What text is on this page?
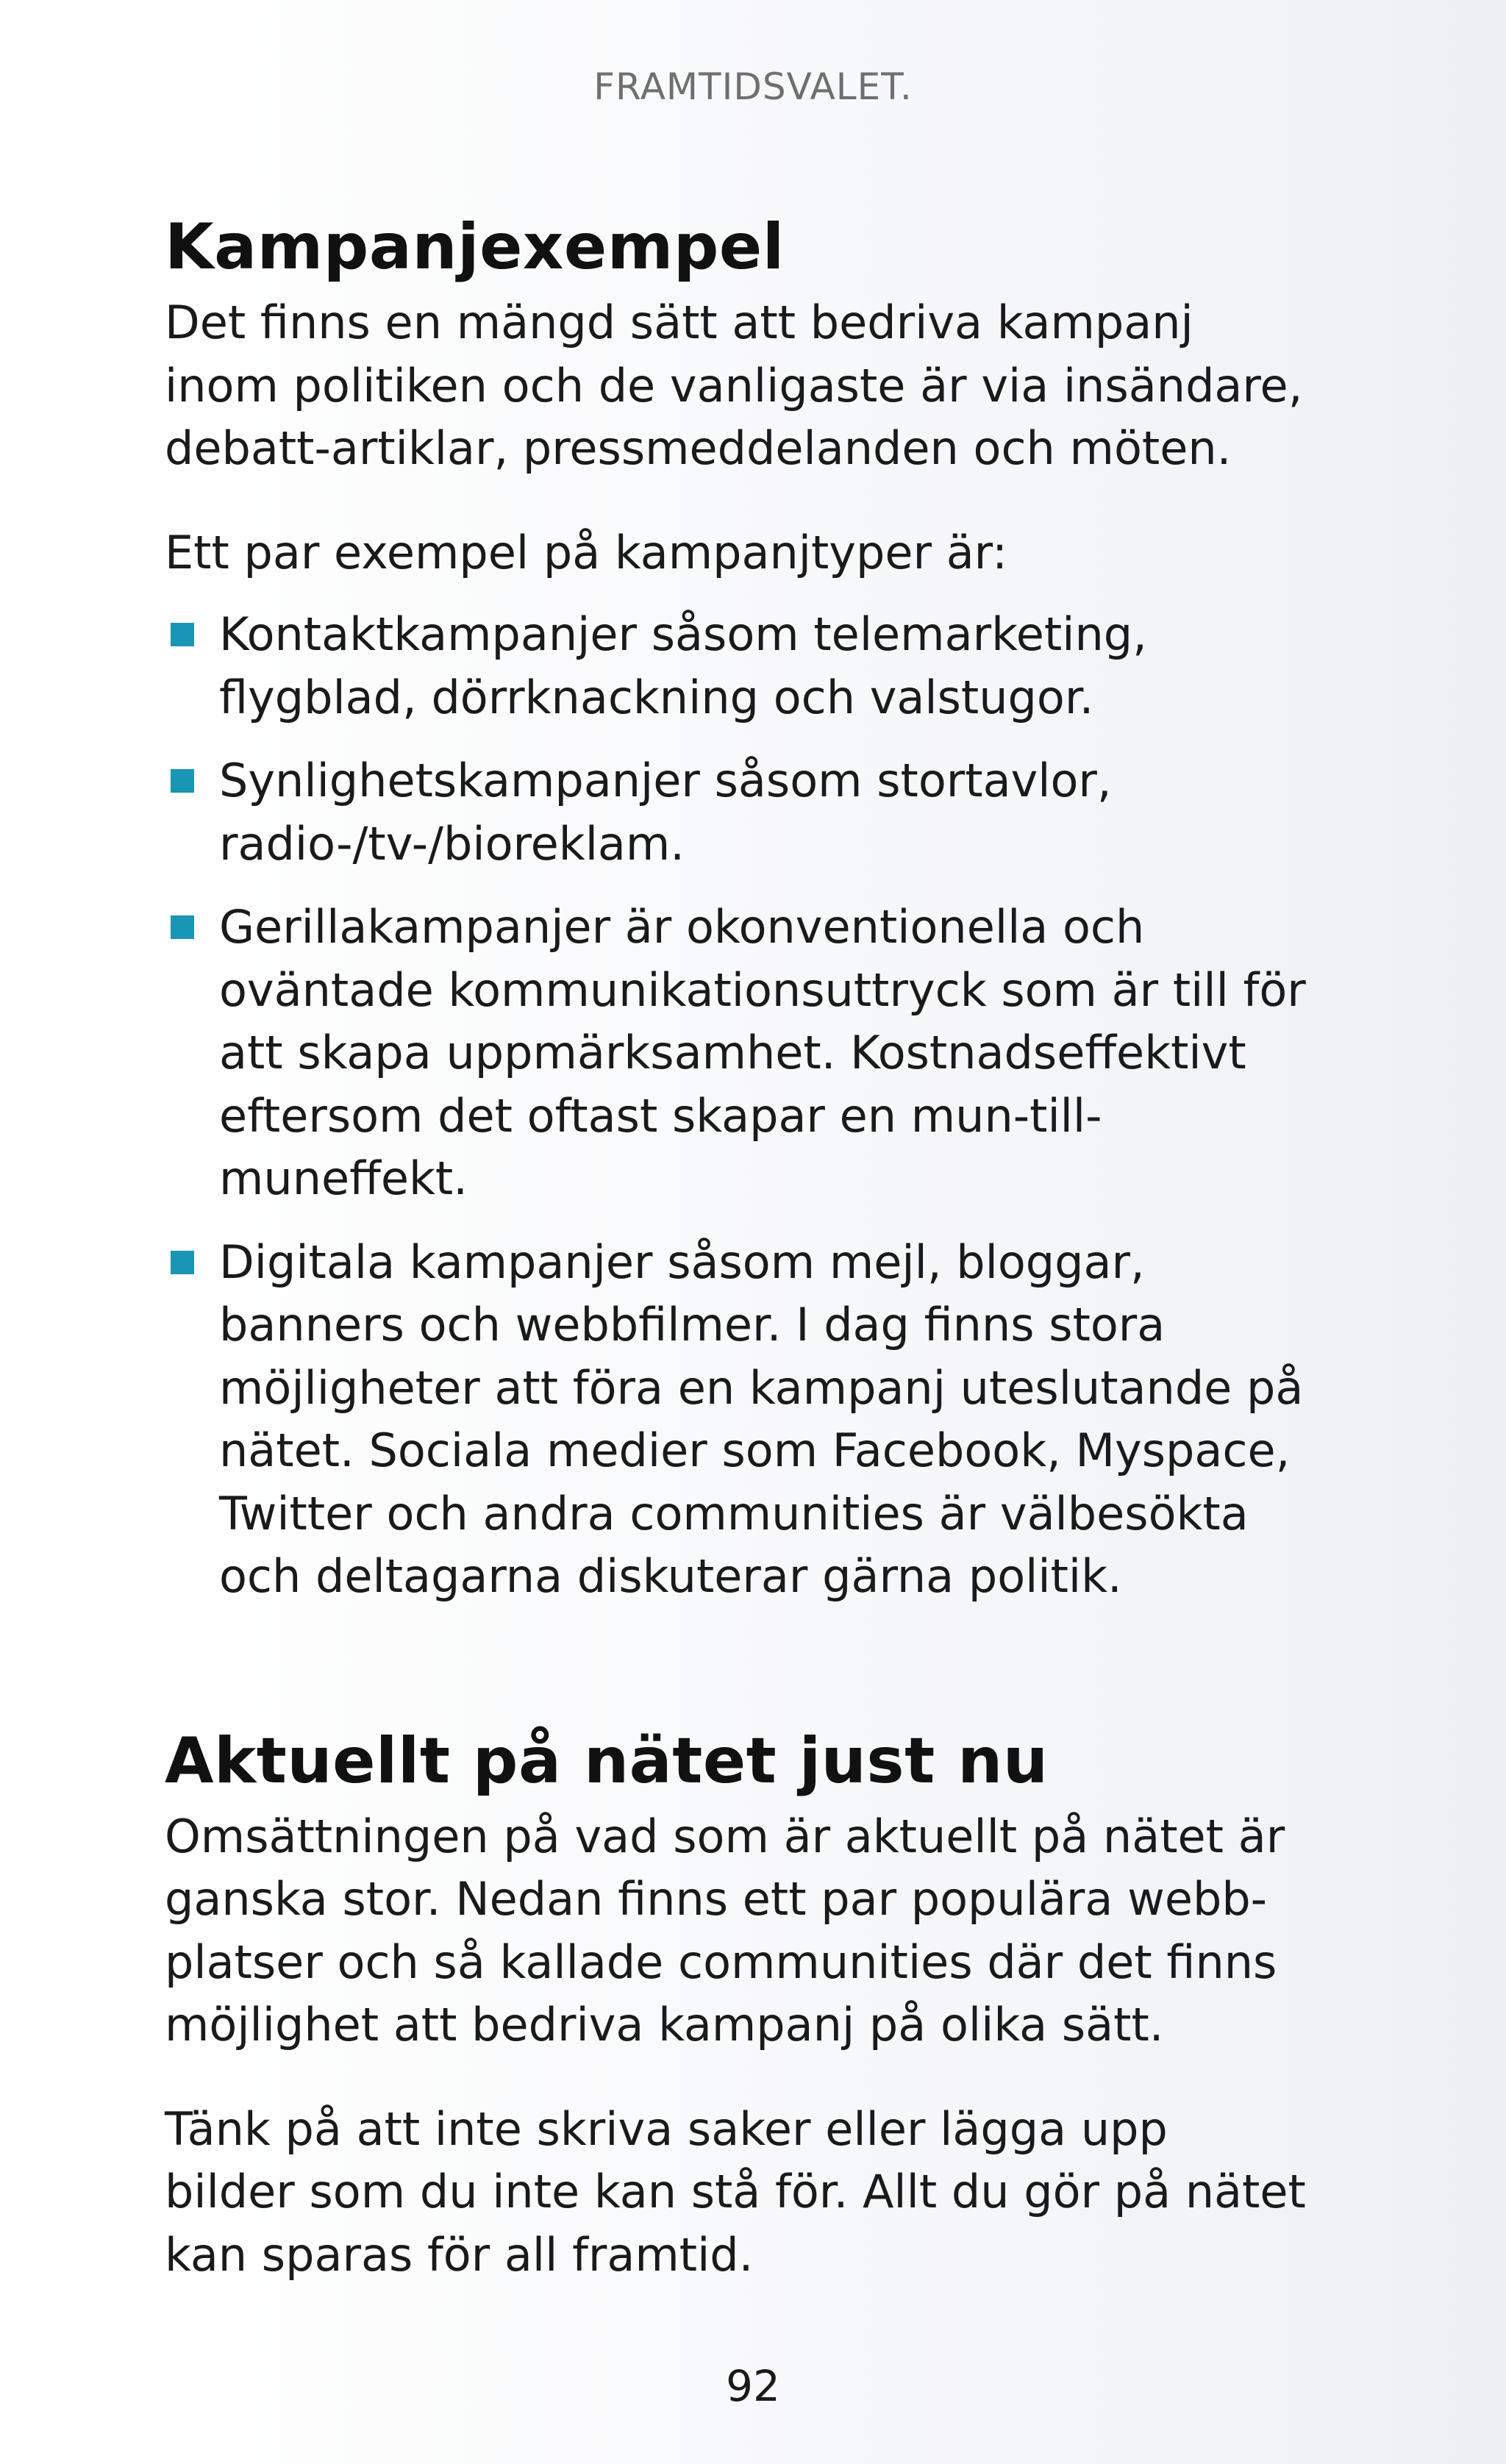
FRAMTIDSVALET.
Kampanjexempel

Det finns en mängd sätt att bedriva kampanj inom politiken och de vanligaste är via insändare, debatt-artiklar, pressmeddelanden och möten.

Ett par exempel på kampanjtyper är:

Kontaktkampanjer såsom telemarketing, flygblad, dörrknackning och valstugor.
Synlighetskampanjer såsom stortavlor, radio-/tv-/bioreklam.
Gerillakampanjer är okonventionella och oväntade kommunikationsuttryck som är till för att skapa uppmärksamhet. Kostnadseffektivt eftersom det oftast skapar en mun-till-muneffekt.
Digitala kampanjer såsom mejl, bloggar, banners och webbfilmer. I dag finns stora möjligheter att föra en kampanj uteslutande på nätet. Sociala medier som Facebook, Myspace, Twitter och andra communities är välbesökta och deltagarna diskuterar gärna politik.
Aktuellt på nätet just nu

Omsättningen på vad som är aktuellt på nätet är ganska stor. Nedan finns ett par populära webb-platser och så kallade communities där det finns möjlighet att bedriva kampanj på olika sätt.

Tänk på att inte skriva saker eller lägga upp bilder som du inte kan stå för. Allt du gör på nätet kan sparas för all framtid.

92
